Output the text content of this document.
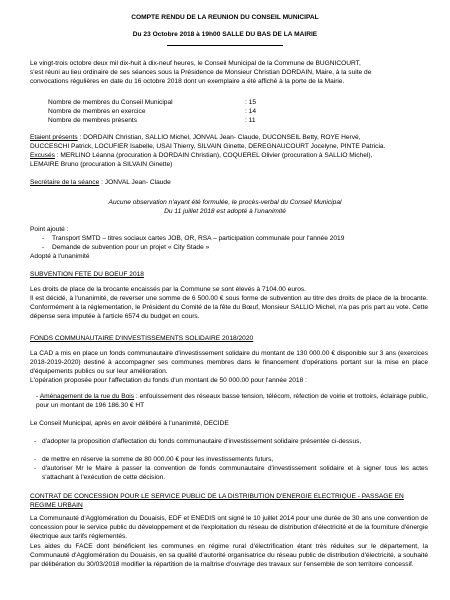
COMPTE RENDU DE LA REUNION DU CONSEIL MUNICIPAL
Du 23 Octobre 2018 à 19h00 SALLE DU BAS DE LA MAIRIE
Le vingt-trois octobre deux mil dix-huit à dix-neuf heures, le Conseil Municipal de la Commune de BUGNICOURT,
s'est réuni au lieu ordinaire de ses séances sous la Présidence de Monsieur Christian DORDAIN, Maire, à la suite de
convocations régulières en date du 16 octobre 2018 dont un exemplaire a été affiché à la porte de la Mairie.
Nombre de membres du Conseil Municipal	: 15
Nombre de membres en exercice	: 14
Nombre de membres présents	: 11
Etaient présents : DORDAIN Christian, SALLIO Michel, JONVAL Jean- Claude, DUCONSEIL Betty, ROYE Hervé,
DUCCESCHI Patrick, LOCUFIER Isabelle, USAI Thierry, SILVAIN Ginette, DEREGNAUCOURT Jocelyne, PINTE Patricia.
Excusés : MERLINO Léanna (procuration à DORDAIN Christian), COQUEREL Olivier (procuration à SALLIO Michel),
LEMAIRE Bruno (procuration à SILVAIN Ginette)
Secrétaire de la séance : JONVAL Jean- Claude
Aucune observation n'ayant été formulée, le procès-verbal du Conseil Municipal
Du 11 juillet 2018 est adopté à l'unanimité
Point ajouté :
- Transport SMTD – titres sociaux cartes JOB, OR, RSA – participation communale pour l'année 2019
- Demande de subvention pour un projet « City Stade »
Adopté à l'unanimité
SUBVENTION FETE DU BOEUF 2018
Les droits de place de la brocante encaissés par la Commune se sont élevés à 7104.00 euros.
Il est décidé, à l'unanimité, de reverser une somme de 6 500.00 € sous forme de subvention au titre des droits de place de la brocante. Conformément à la réglementation, le Président du Comité de la fête du Bœuf, Monsieur SALLIO Michel, n'a pas pris part au vote. Cette dépense sera imputée à l'article 6574 du budget en cours.
FONDS COMMUNAUTAIRE D'INVESTISSEMENTS SOLIDAIRE 2018/2020
La CAD a mis en place un fonds communautaire d'investissement solidaire du montant de 130 000.00 € disponible sur 3 ans (exercices 2018-2019-2020) destiné à accompagner ses communes membres dans le financement d'opérations portant sur la mise en place d'équipements publics ou sur leur amélioration.
L'opération proposée pour l'affectation du fonds d'un montant de 50 000.00 pour l'année 2018 :
- Aménagement de la rue du Bois : enfouissement des réseaux basse tension, télécom, réfection de voirie et trottoirs, éclairage public, pour un montant de 196 186.30 € HT
Le Conseil Municipal, après en avoir délibéré à l'unanimité, DECIDE
- d'adopter la proposition d'affectation du fonds communautaire d'investissement solidaire présentée ci-dessus,
- de mettre en réserve la somme de 80 000.00 € pour les investissements futurs,
- d'autoriser Mr le Maire à passer la convention de fonds communautaire d'investissement solidaire et à signer tous les actes s'attachant à l'exécution de cette décision.
CONTRAT DE CONCESSION POUR LE SERVICE PUBLIC DE LA DISTRIBUTION D'ENERGIE ELECTRIQUE - PASSAGE EN REGIME URBAIN
La Communauté d'Agglomération du Douaisis, EDF et ENEDIS ont signé le 10 juillet 2014 pour une durée de 30 ans une convention de concession pour le service public du développement et de l'exploitation du réseau de distribution d'électricité et de la fourniture d'énergie électrique aux tarifs réglementés.
Les aides du FACE dont bénéficient les communes en régime rural d'électrification étant très réduites sur le département, la Communauté d'Agglomération du Douaisis, en sa qualité d'autorité organisatrice du réseau public de distribution d'électricité, a souhaité par délibération du 30/03/2018 modifier la répartition de la maîtrise d'ouvrage des travaux sur l'ensemble de son territoire concessif.
